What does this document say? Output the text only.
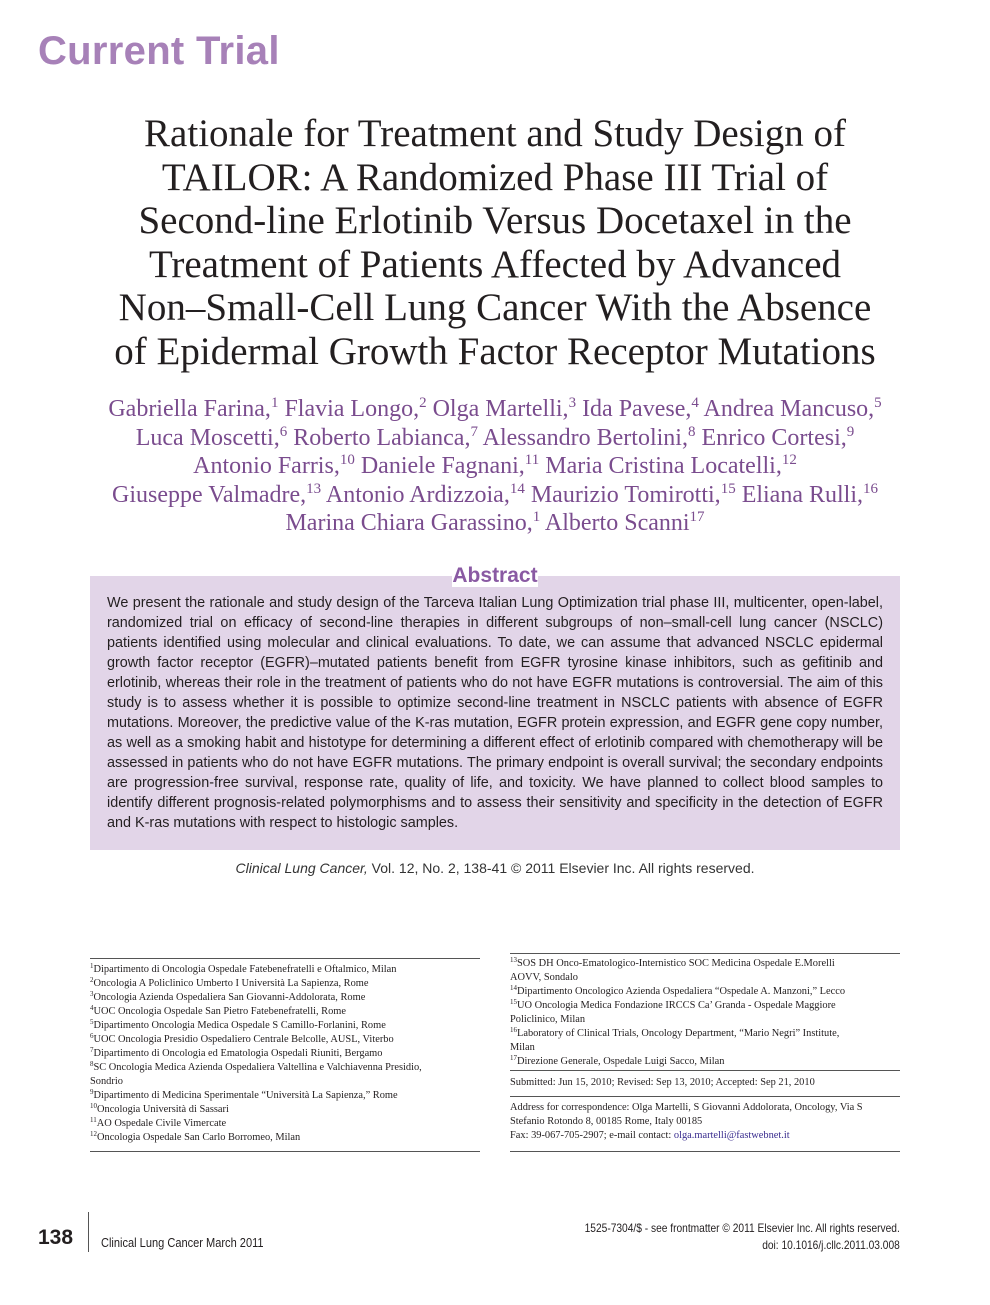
Current Trial
Rationale for Treatment and Study Design of
TAILOR: A Randomized Phase III Trial of
Second-line Erlotinib Versus Docetaxel in the
Treatment of Patients Affected by Advanced
Non–Small-Cell Lung Cancer With the Absence
of Epidermal Growth Factor Receptor Mutations
Gabriella Farina,$^1$ Flavia Longo,$^2$ Olga Martelli,$^3$ Ida Pavese,$^4$ Andrea Mancuso,$^5$
Luca Moscetti,$^6$ Roberto Labianca,$^7$ Alessandro Bertolini,$^8$ Enrico Cortesi,$^9$
Antonio Farris,$^{10}$ Daniele Fagnani,$^{11}$ Maria Cristina Locatelli,$^{12}$
Giuseppe Valmadre,$^{13}$ Antonio Ardizzoia,$^{14}$ Maurizio Tomirotti,$^{15}$ Eliana Rulli,$^{16}$
Marina Chiara Garassino,$^1$ Alberto Scanni$^{17}$
Abstract
We present the rationale and study design of the Tarceva Italian Lung Optimization trial phase III, multicenter, open-label, randomized trial on efficacy of second-line therapies in different subgroups of non–small-cell lung cancer (NSCLC) patients identified using molecular and clinical evaluations. To date, we can assume that advanced NSCLC epidermal growth factor receptor (EGFR)–mutated patients benefit from EGFR tyrosine kinase inhibitors, such as gefitinib and erlotinib, whereas their role in the treatment of patients who do not have EGFR mutations is controversial. The aim of this study is to assess whether it is possible to optimize second-line treatment in NSCLC patients with absence of EGFR mutations. Moreover, the predictive value of the K-ras mutation, EGFR protein expression, and EGFR gene copy number, as well as a smoking habit and histotype for determining a different effect of erlotinib compared with chemotherapy will be assessed in patients who do not have EGFR mutations. The primary endpoint is overall survival; the secondary endpoints are progression-free survival, response rate, quality of life, and toxicity. We have planned to collect blood samples to identify different prognosis-related polymorphisms and to assess their sensitivity and specificity in the detection of EGFR and K-ras mutations with respect to histologic samples.
Clinical Lung Cancer, Vol. 12, No. 2, 138-41 © 2011 Elsevier Inc. All rights reserved.
$^1$Dipartimento di Oncologia Ospedale Fatebenefratelli e Oftalmico, Milan
$^2$Oncologia A Policlinico Umberto I Università La Sapienza, Rome
$^3$Oncologia Azienda Ospedaliera San Giovanni-Addolorata, Rome
$^4$UOC Oncologia Ospedale San Pietro Fatebenefratelli, Rome
$^5$Dipartimento Oncologia Medica Ospedale S Camillo-Forlanini, Rome
$^6$UOC Oncologia Presidio Ospedaliero Centrale Belcolle, AUSL, Viterbo
$^7$Dipartimento di Oncologia ed Ematologia Ospedali Riuniti, Bergamo
$^8$SC Oncologia Medica Azienda Ospedaliera Valtellina e Valchiavenna Presidio,
Sondrio
$^9$Dipartimento di Medicina Sperimentale “Università La Sapienza,” Rome
$^{10}$Oncologia Università di Sassari
$^{11}$AO Ospedale Civile Vimercate
$^{12}$Oncologia Ospedale San Carlo Borromeo, Milan
$^{13}$SOS DH Onco-Ematologico-Internistico SOC Medicina Ospedale E.Morelli
AOVV, Sondalo
$^{14}$Dipartimento Oncologico Azienda Ospedaliera “Ospedale A. Manzoni,” Lecco
$^{15}$UO Oncologia Medica Fondazione IRCCS Ca’ Granda - Ospedale Maggiore
Policlinico, Milan
$^{16}$Laboratory of Clinical Trials, Oncology Department, “Mario Negri” Institute,
Milan
$^{17}$Direzione Generale, Ospedale Luigi Sacco, Milan
Submitted: Jun 15, 2010; Revised: Sep 13, 2010; Accepted: Sep 21, 2010
Address for correspondence: Olga Martelli, S Giovanni Addolorata, Oncology, Via S
Stefanio Rotondo 8, 00185 Rome, Italy 00185
Fax: 39-067-705-2907; e-mail contact: olga.martelli@fastwebnet.it
138 Clinical Lung Cancer March 2011
1525-7304/$ - see frontmatter © 2011 Elsevier Inc. All rights reserved.
doi: 10.1016/j.cllc.2011.03.008
